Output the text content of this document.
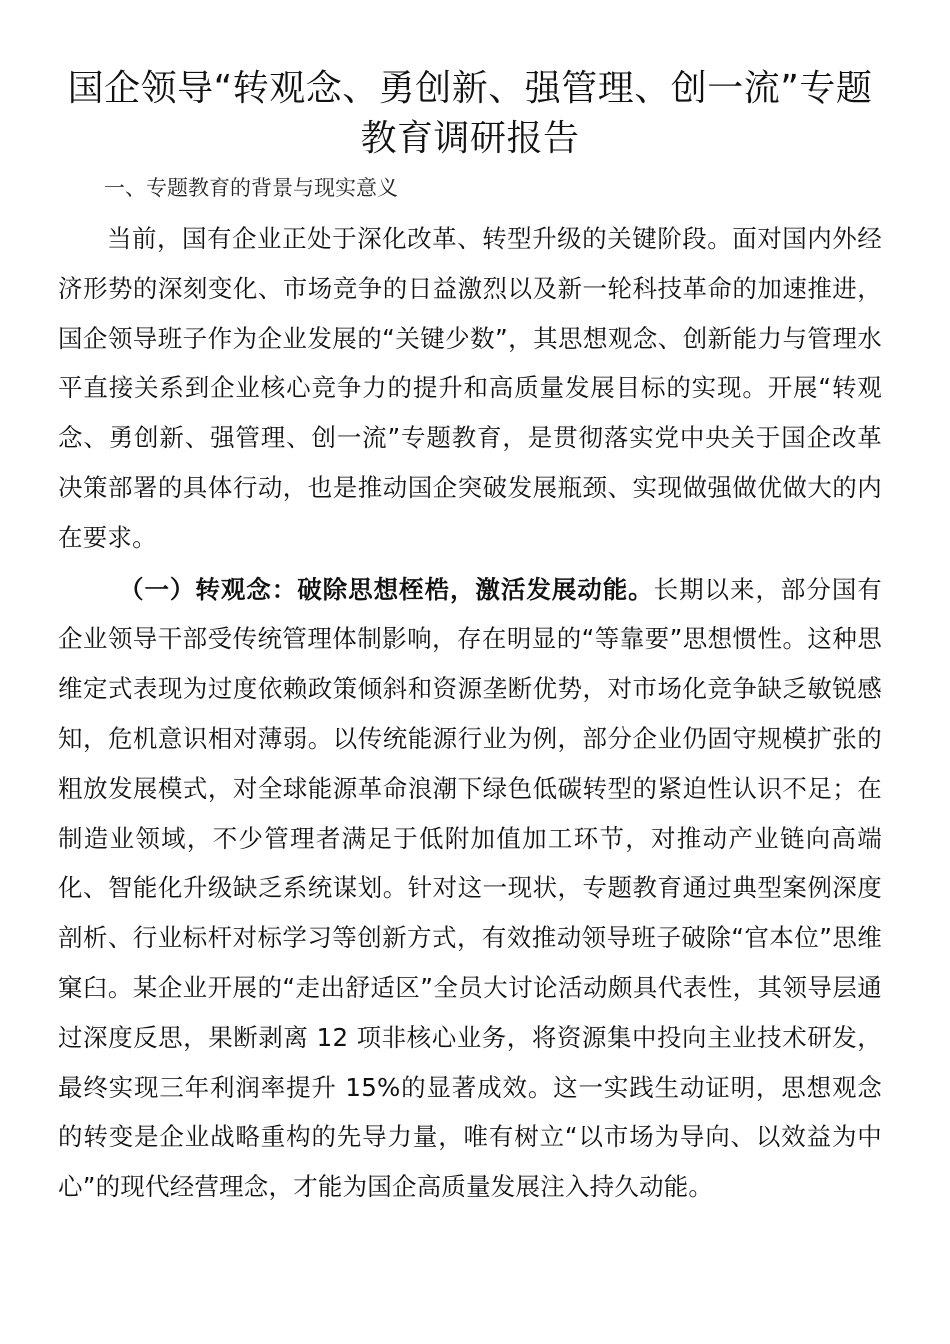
国企领导“转观念、勇创新、强管理、创一流”专题
教育调研报告
一、专题教育的背景与现实意义

当前，国有企业正处于深化改革、转型升级的关键阶段。面对国内外经济形势的深刻变化、市场竞争的日益激烈以及新一轮科技革命的加速推进，国企领导班子作为企业发展的“关键少数”，其思想观念、创新能力与管理水平直接关系到企业核心竞争力的提升和高质量发展目标的实现。开展“转观念、勇创新、强管理、创一流”专题教育，是贯彻落实党中央关于国企改革决策部署的具体行动，也是推动国企突破发展瓶颈、实现做强做优做大的内在要求。

（一）转观念：破除思想桎梏，激活发展动能。长期以来，部分国有企业领导干部受传统管理体制影响，存在明显的“等靠要”思想惯性。这种思维定式表现为过度依赖政策倾斜和资源垄断优势，对市场化竞争缺乏敏锐感知，危机意识相对薄弱。以传统能源行业为例，部分企业仍固守规模扩张的粗放发展模式，对全球能源革命浪潮下绿色低碳转型的紧迫性认识不足；在制造业领域，不少管理者满足于低附加值加工环节，对推动产业链向高端化、智能化升级缺乏系统谋划。针对这一现状，专题教育通过典型案例深度剖析、行业标杆对标学习等创新方式，有效推动领导班子破除“官本位”思维窠臼。某企业开展的“走出舒适区”全员大讨论活动颇具代表性，其领导层通过深度反思，果断剥离 12 项非核心业务，将资源集中投向主业技术研发，最终实现三年利润率提升 15%的显著成效。这一实践生动证明，思想观念的转变是企业战略重构的先导力量，唯有树立“以市场为导向、以效益为中心”的现代经营理念，才能为国企高质量发展注入持久动能。
